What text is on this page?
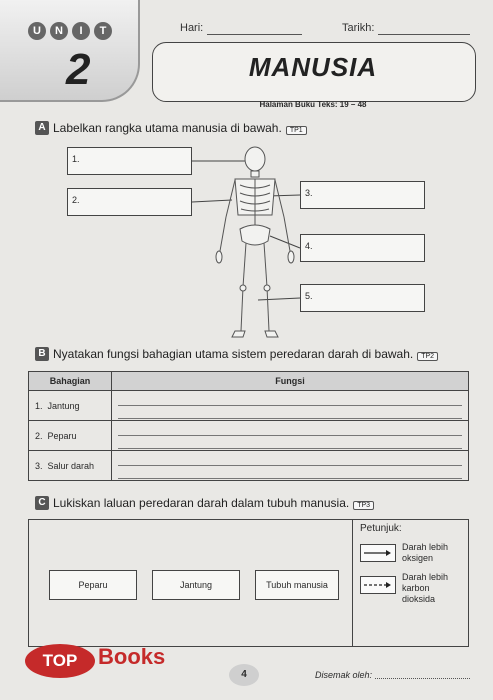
U	N	I	T
2
Hari:	Tarikh:
MANUSIA
Halaman Buku Teks: 19 – 48
A Labelkan rangka utama manusia di bawah. TP1
1.
2.
3.
4.
5.
B Nyatakan fungsi bahagian utama sistem peredaran darah di bawah. TP2
Bahagian	Fungsi
1. Jantung	

2. Peparu	

3. Salur darah	
C Lukiskan laluan peredaran darah dalam tubuh manusia. TP3
Peparu	Jantung	Tubuh manusia
Petunjuk:
Darah lebih oksigen
Darah lebih karbon dioksida
TOP Books
4	Disemak oleh:
